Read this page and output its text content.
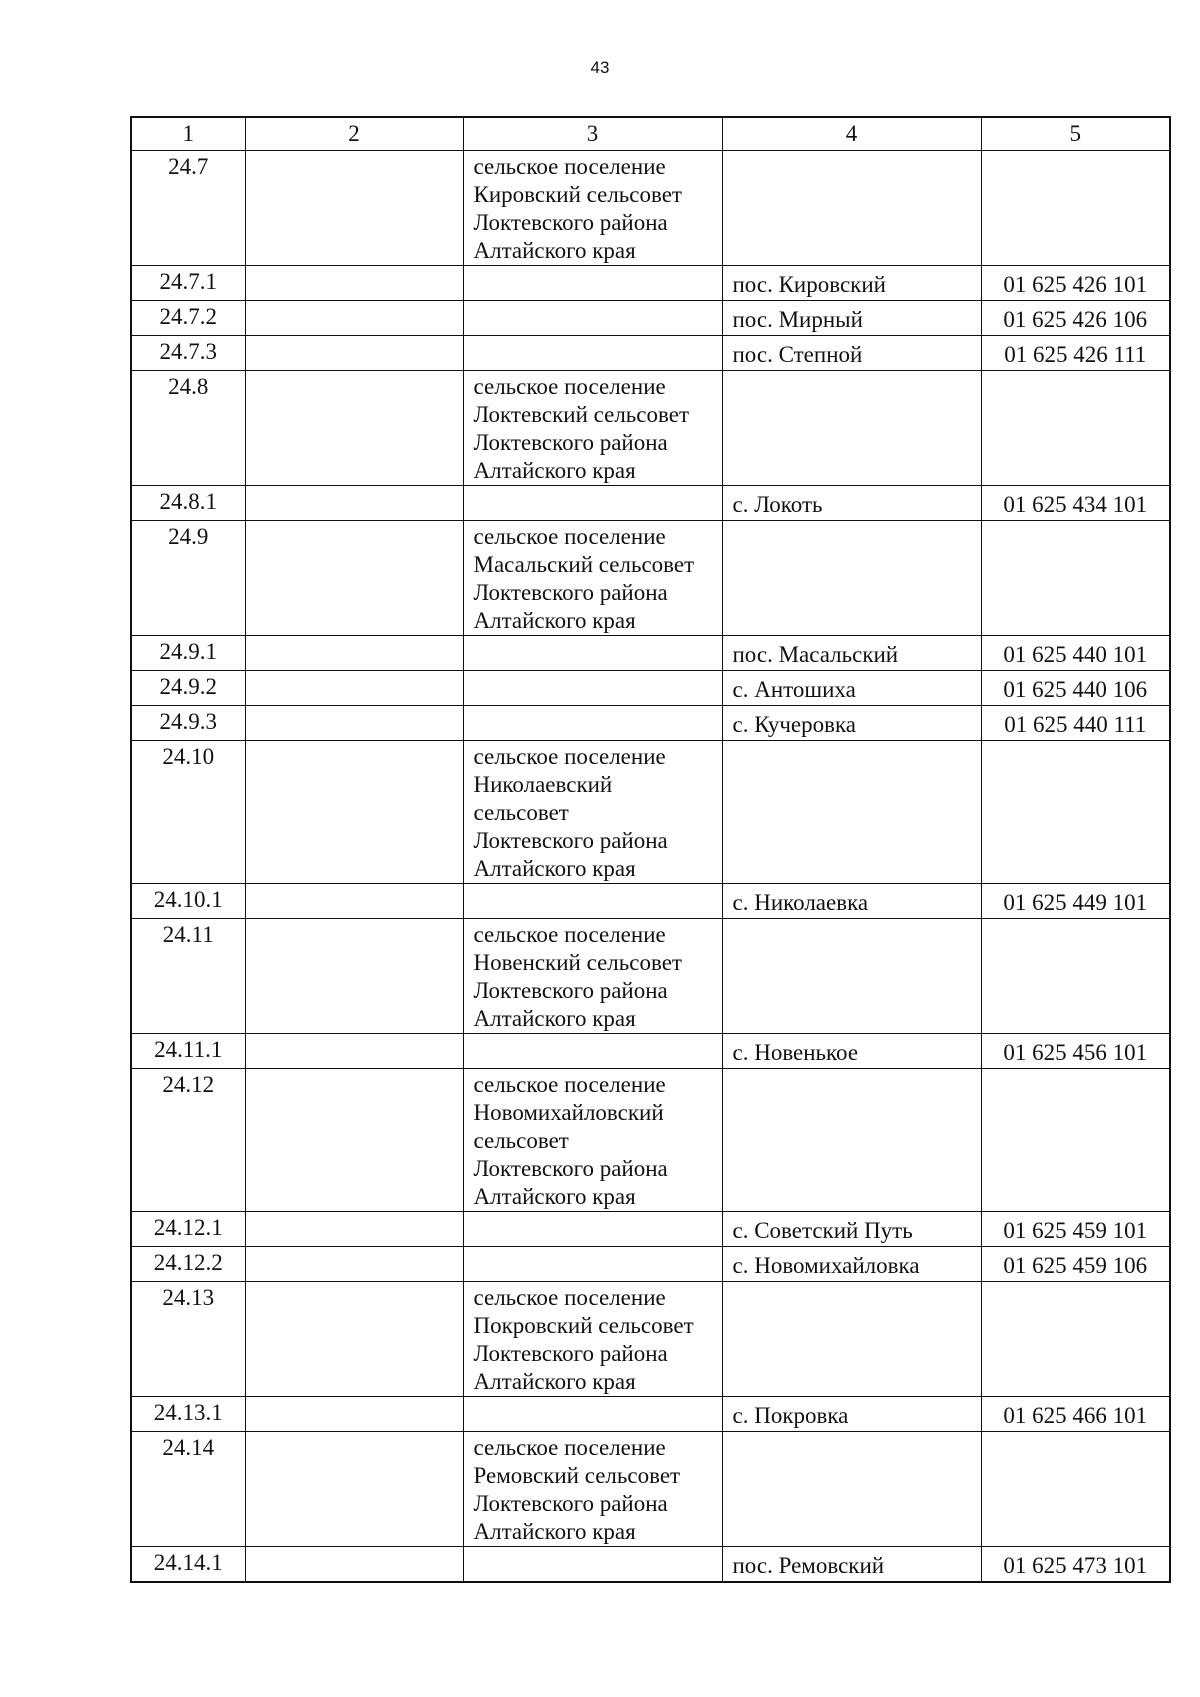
43
1	2	3	4	5
24.7		сельское поселение
Кировский сельсовет
Локтевского района
Алтайского края		

24.7.1			пос. Кировский	01 625 426 101
24.7.2			пос. Мирный	01 625 426 106
24.7.3			пос. Степной	01 625 426 111
24.8		сельское поселение
Локтевский сельсовет
Локтевского района
Алтайского края		

24.8.1			с. Локоть	01 625 434 101
24.9		сельское поселение
Масальский сельсовет
Локтевского района
Алтайского края		

24.9.1			пос. Масальский	01 625 440 101
24.9.2			с. Антошиха	01 625 440 106
24.9.3			с. Кучеровка	01 625 440 111
24.10		сельское поселение
Николаевский
сельсовет
Локтевского района
Алтайского края		

24.10.1			с. Николаевка	01 625 449 101
24.11		сельское поселение
Новенский сельсовет
Локтевского района
Алтайского края		

24.11.1			с. Новенькое	01 625 456 101
24.12		сельское поселение
Новомихайловский
сельсовет
Локтевского района
Алтайского края		

24.12.1			с. Советский Путь	01 625 459 101
24.12.2			с. Новомихайловка	01 625 459 106
24.13		сельское поселение
Покровский сельсовет
Локтевского района
Алтайского края		

24.13.1			с. Покровка	01 625 466 101
24.14		сельское поселение
Ремовский сельсовет
Локтевского района
Алтайского края		

24.14.1			пос. Ремовский	01 625 473 101
